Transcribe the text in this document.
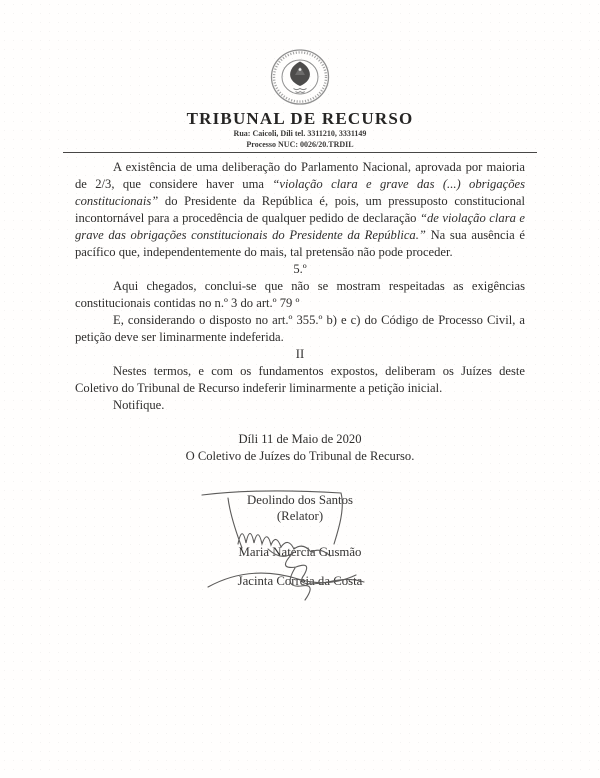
TRIBUNAL DE RECURSO
Rua: Caicoli, Díli tel. 3311210, 3331149
Processo NUC: 0026/20.TRDIL

A existência de uma deliberação do Parlamento Nacional, aprovada por maioria de 2/3, que considere haver uma “violação clara e grave das (...) obrigações constitucionais” do Presidente da República é, pois, um pressuposto constitucional incontornável para a procedência de qualquer pedido de declaração “de violação clara e grave das obrigações constitucionais do Presidente da República.” Na sua ausência é pacífico que, independentemente do mais, tal pretensão não pode proceder.

5.º

Aqui chegados, conclui-se que não se mostram respeitadas as exigências constitucionais contidas no n.º 3 do art.º 79 º

E, considerando o disposto no art.º 355.º b) e c) do Código de Processo Civil, a petição deve ser liminarmente indeferida.

II

Nestes termos, e com os fundamentos expostos, deliberam os Juízes deste Coletivo do Tribunal de Recurso indeferir liminarmente a petição inicial.

Notifique.

Díli 11 de Maio de 2020
O Coletivo de Juízes do Tribunal de Recurso.
Deolindo dos Santos
(Relator)
Maria Natércia Gusmão
Jacinta Correia da Costa
